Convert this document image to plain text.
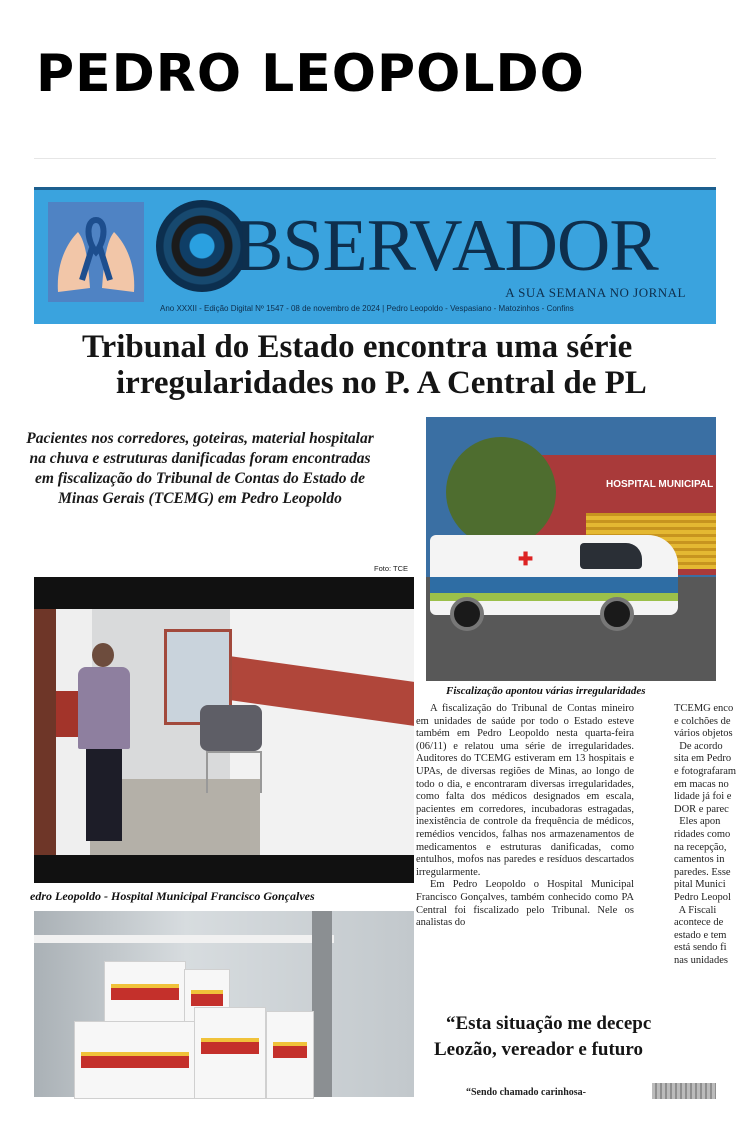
PEDRO LEOPOLDO
BSERVADOR
A SUA SEMANA NO JORNAL
Ano XXXII - Edição Digital Nº 1547 - 08 de novembro de 2024 | Pedro Leopoldo - Vespasiano - Matozinhos - Confins
Tribunal do Estado encontra uma série
irregularidades no P. A Central de PL

Pacientes nos corredores, goteiras, material hospitalar na chuva e estruturas danificadas foram encontradas em fiscalização do Tribunal de Contas do Estado de Minas Gerais (TCEMG) em Pedro Leopoldo

Foto: TCE
edro Leopoldo - Hospital Municipal Francisco Gonçalves
HOSPITAL MUNICIPAL
✚
Fiscalização apontou várias irregularidades

A fiscalização do Tribunal de Contas mineiro em unidades de saúde por todo o Estado esteve também em Pedro Leopoldo nesta quarta-feira (06/11) e relatou uma série de irregularidades. Auditores do TCEMG estiveram em 13 hospitais e UPAs, de diversas regiões de Minas, ao longo de todo o dia, e encontraram diversas irregularidades, como falta dos médicos designados em escala, pacientes em corredores, incubadoras estragadas, inexistência de controle da frequência de médicos, remédios vencidos, falhas nos armazenamentos de medicamentos e estruturas danificadas, como entulhos, mofos nas paredes e resíduos descartados irregularmente.

Em Pedro Leopoldo o Hospital Municipal Francisco Gonçalves, também conhecido como PA Central foi fiscalizado pelo Tribunal. Nele os analistas do

TCEMG enco
e colchões de
vários objetos
De acordo
sita em Pedro
e fotografaram
em macas no
lidade já foi e
DOR e parec
Eles apon
ridades como
na recepção,
camentos in
paredes. Esse
pital Munici
Pedro Leopol
A Fiscali
acontece de
estado e tem
está sendo fi
nas unidades

“Esta situação me decepc
Leozão, vereador e futuro
“Sendo chamado carinhosa-
